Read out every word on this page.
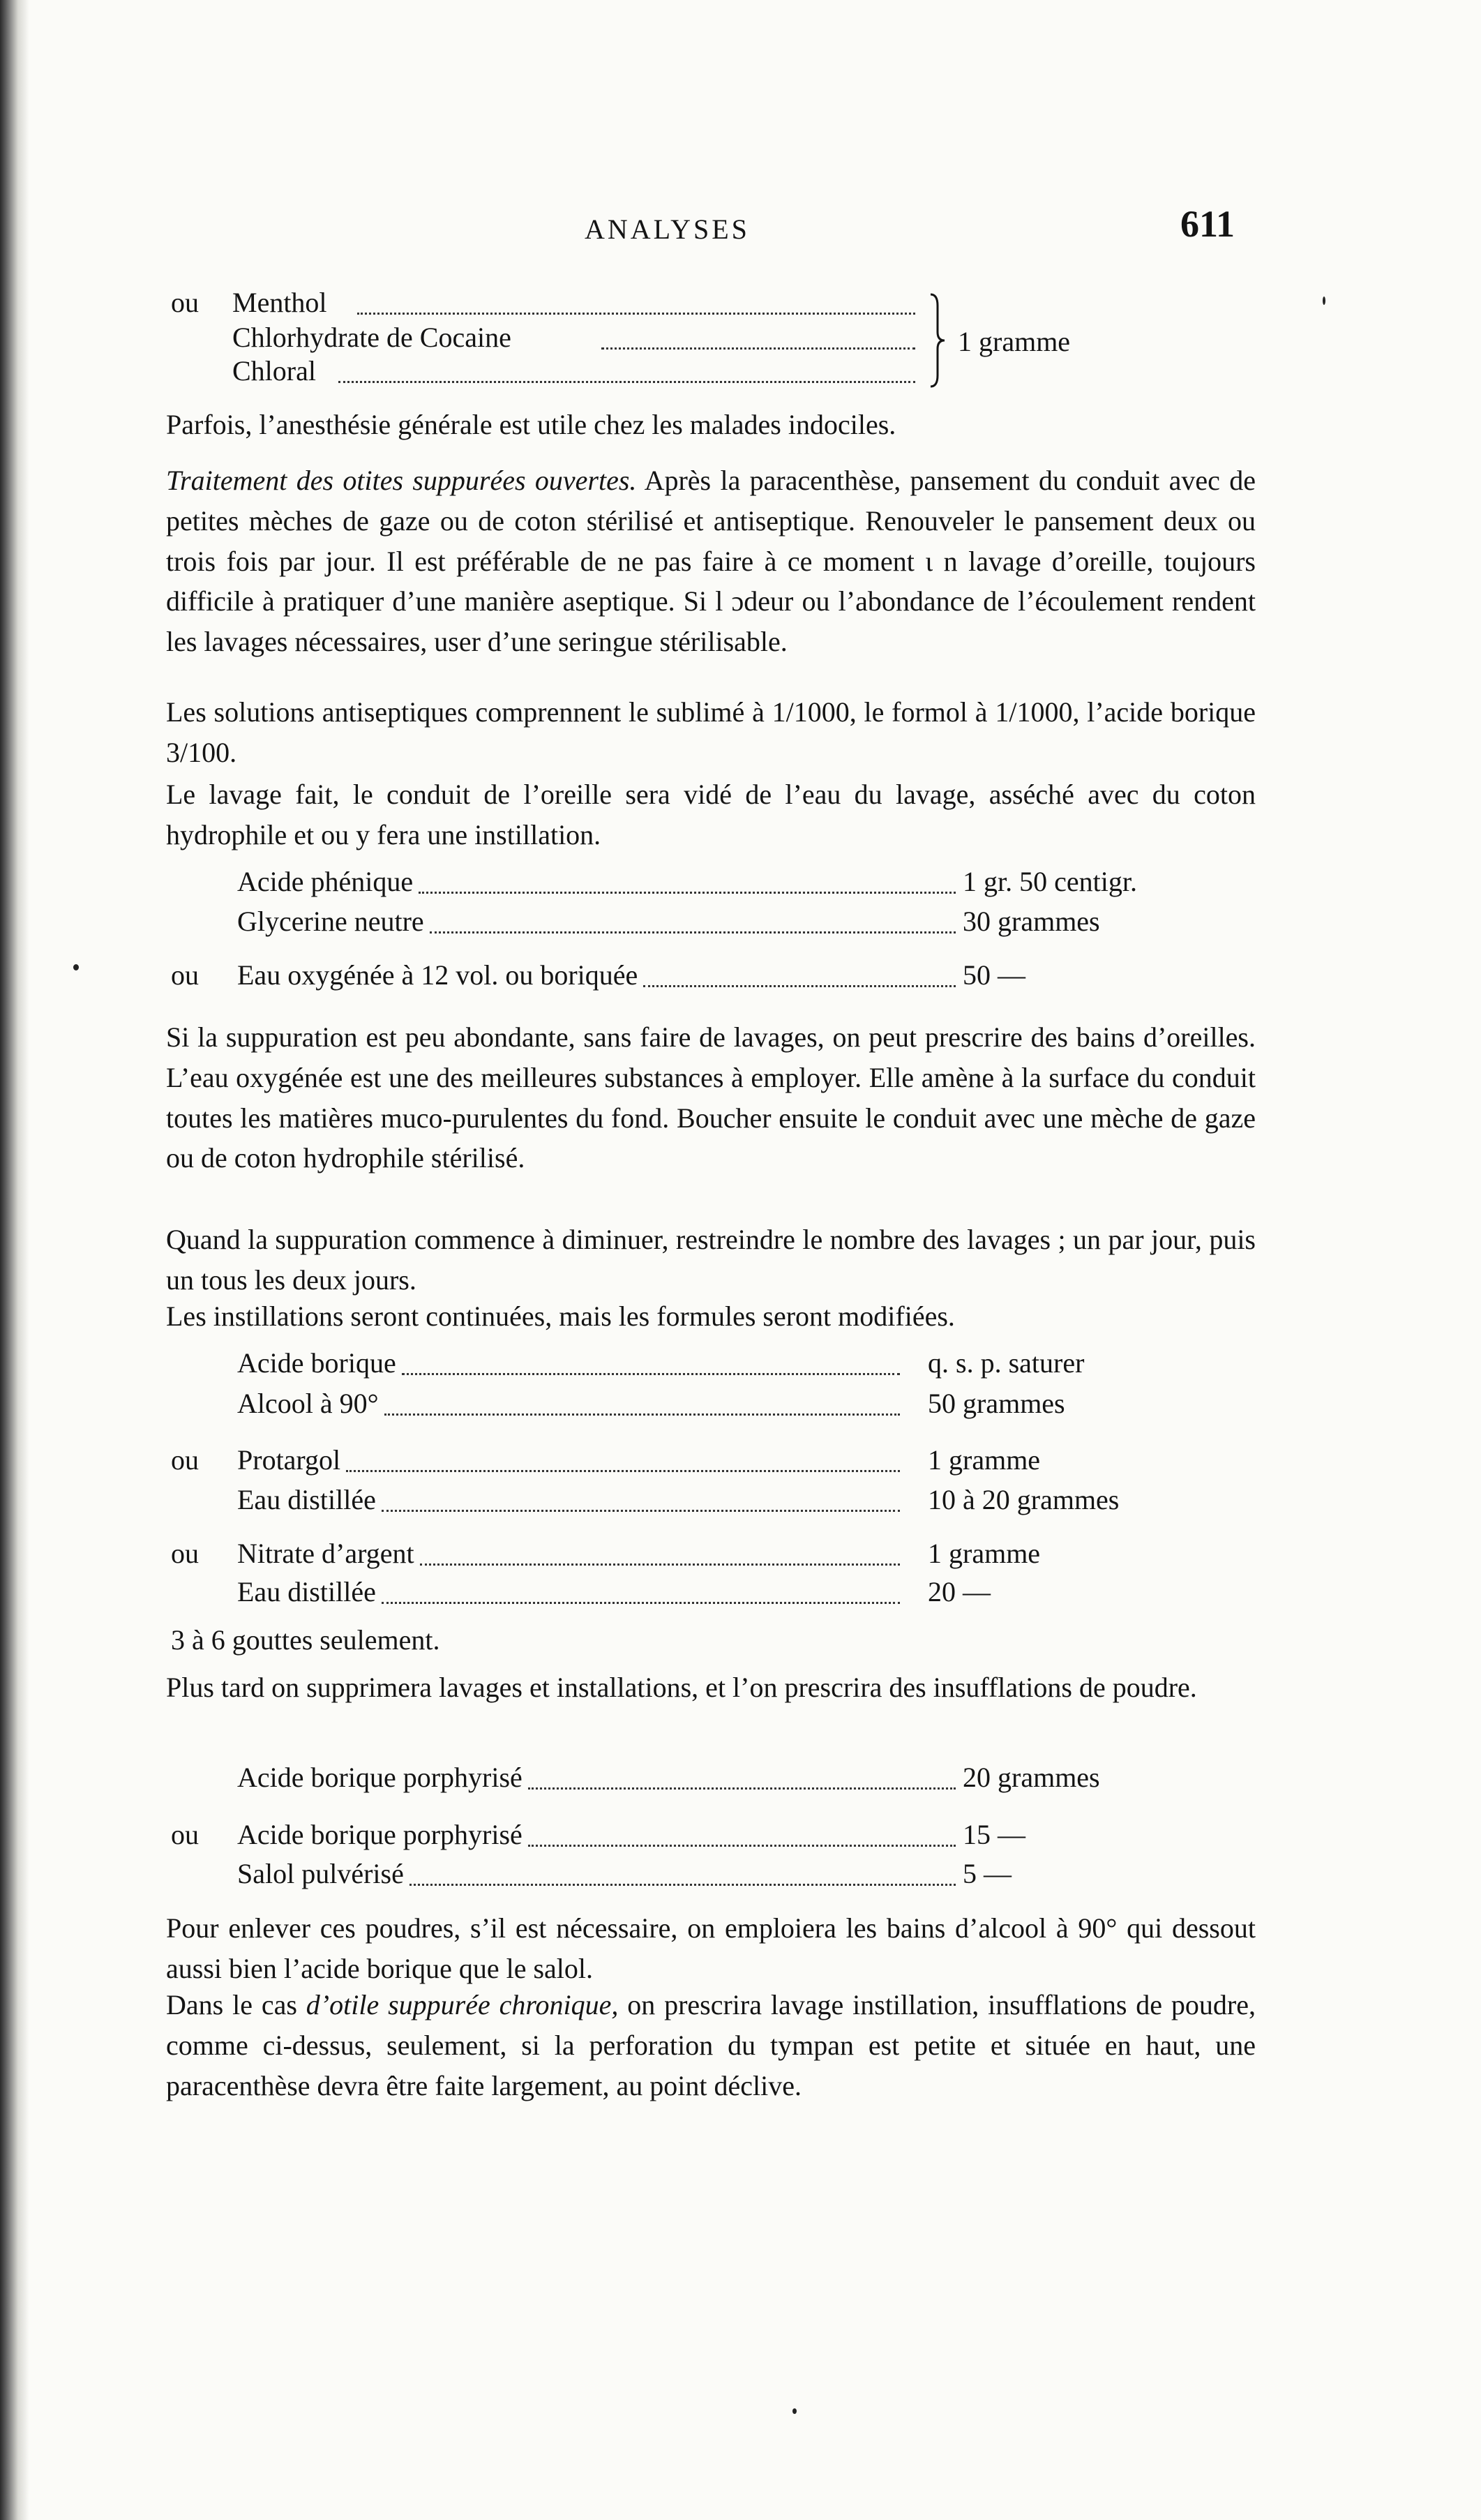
ANALYSES	611
ou Menthol
Chlorhydrate de Cocaine
Chloral
1 gramme
Parfois, l’anesthésie générale est utile chez les malades indociles.
Traitement des otites suppurées ouvertes. Après la paracenthèse, pansement du conduit avec de petites mèches de gaze ou de coton stérilisé et antiseptique. Renouveler le pansement deux ou trois fois par jour. Il est préférable de ne pas faire à ce moment ι n lavage d’oreille, toujours difficile à pratiquer d’une manière aseptique. Si l ɔdeur ou l’abondance de l’écoulement rendent les lavages nécessaires, user d’une seringue stérilisable.
Les solutions antiseptiques comprennent le sublimé à 1/1000, le formol à 1/1000, l’acide borique 3/100.
Le lavage fait, le conduit de l’oreille sera vidé de l’eau du lavage, asséché avec du coton hydrophile et ou y fera une instillation.
Acide phénique	1 gr. 50 centigr.
Glycerine neutre	30 grammes
ou Eau oxygénée à 12 vol. ou boriquée	50 —
Si la suppuration est peu abondante, sans faire de lavages, on peut prescrire des bains d’oreilles. L’eau oxygénée est une des meilleures substances à employer. Elle amène à la surface du conduit toutes les matières muco-purulentes du fond. Boucher ensuite le conduit avec une mèche de gaze ou de coton hydrophile stérilisé.
Quand la suppuration commence à diminuer, restreindre le nombre des lavages ; un par jour, puis un tous les deux jours.
Les instillations seront continuées, mais les formules seront modifiées.
Acide borique	q. s. p. saturer
Alcool à 90°	50 grammes
ou Protargol	1 gramme
Eau distillée	10 à 20 grammes
ou Nitrate d’argent	1 gramme
Eau distillée	20 —
3 à 6 gouttes seulement.
Plus tard on supprimera lavages et installations, et l’on prescrira des insufflations de poudre.
Acide borique porphyrisé	20 grammes
ou Acide borique porphyrisé	15 —
Salol pulvérisé	5 —
Pour enlever ces poudres, s’il est nécessaire, on emploiera les bains d’alcool à 90° qui dessout aussi bien l’acide borique que le salol.
Dans le cas d’otile suppurée chronique, on prescrira lavage instillation, insufflations de poudre, comme ci-dessus, seulement, si la perforation du tympan est petite et située en haut, une paracenthèse devra être faite largement, au point déclive.
